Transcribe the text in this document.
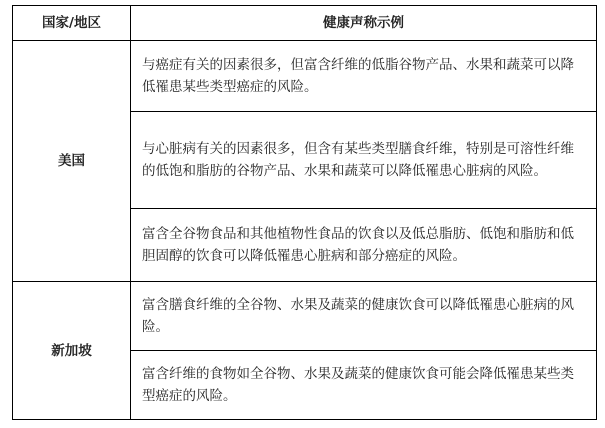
国家/地区	健康声称示例
美国	与癌症有关的因素很多，但富含纤维的低脂谷物产品、水果和蔬菜可以降低罹患某些类型癌症的风险。
	与心脏病有关的因素很多，但含有某些类型膳食纤维，特别是可溶性纤维的低饱和脂肪的谷物产品、水果和蔬菜可以降低罹患心脏病的风险。
	富含全谷物食品和其他植物性食品的饮食以及低总脂肪、低饱和脂肪和低胆固醇的饮食可以降低罹患心脏病和部分癌症的风险。
新加坡	富含膳食纤维的全谷物、水果及蔬菜的健康饮食可以降低罹患心脏病的风险。
	富含纤维的食物如全谷物、水果及蔬菜的健康饮食可能会降低罹患某些类型癌症的风险。
